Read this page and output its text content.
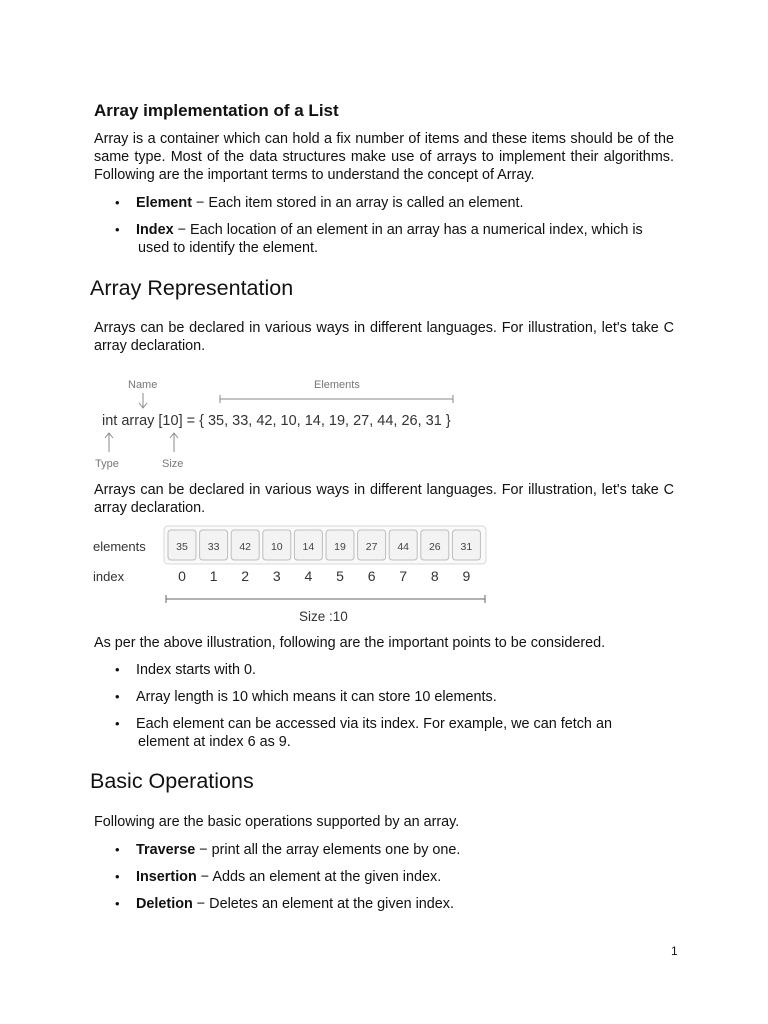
Array implementation of a List

Array is a container which can hold a fix number of items and these items should be of the same type. Most of the data structures make use of arrays to implement their algorithms. Following are the important terms to understand the concept of Array.

• Element − Each item stored in an array is called an element.
• Index − Each location of an element in an array has a numerical index, which is
used to identify the element.
Array Representation

Arrays can be declared in various ways in different languages. For illustration, let's take C array declaration.

Name	Elements
int array [10] = { 35, 33, 42, 10, 14, 19, 27, 44, 26, 31 }
Type	Size

Arrays can be declared in various ways in different languages. For illustration, let's take C array declaration.

elements
index
35
0
33
1
42
2
10
3
14
4
19
5
27
6
44
7
26
8
31
9
Size :10

As per the above illustration, following are the important points to be considered.

• Index starts with 0.
• Array length is 10 which means it can store 10 elements.
• Each element can be accessed via its index. For example, we can fetch an
element at index 6 as 9.
Basic Operations

Following are the basic operations supported by an array.

• Traverse − print all the array elements one by one.
• Insertion − Adds an element at the given index.
• Deletion − Deletes an element at the given index.
1
